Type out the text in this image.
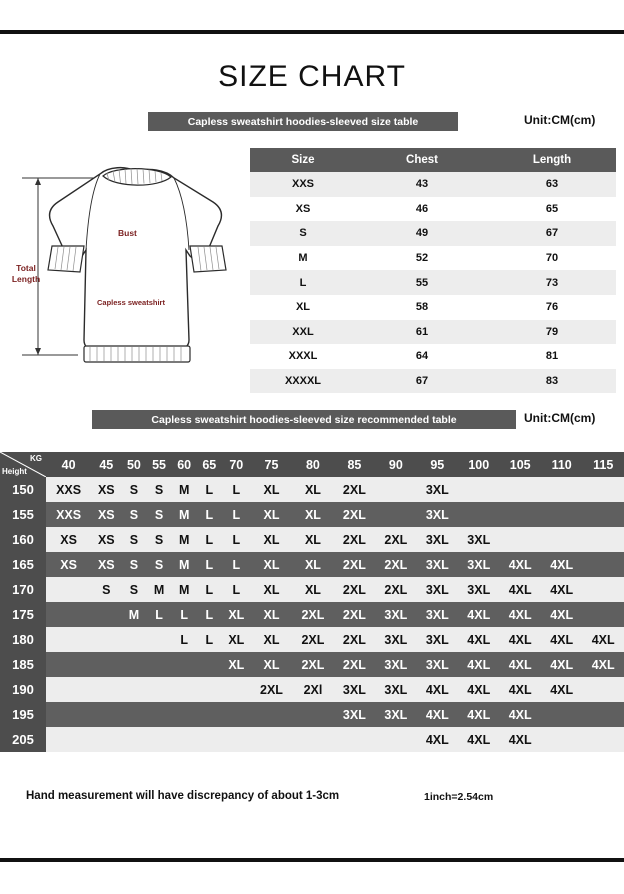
SIZE CHART
Capless sweatshirt hoodies-sleeved size table	Unit:CM(cm)
Bust
Total
Length
Capless sweatshirt
Size	Chest	Length
XXS	43	63
XS	46	65
S	49	67
M	52	70
L	55	73
XL	58	76
XXL	61	79
XXXL	64	81
XXXXL	67	83
Capless sweatshirt hoodies-sleeved size recommended table	Unit:CM(cm)
KG
Height	40	45	50	55	60	65	70	75	80	85	90	95	100	105	110	115
150	XXS	XS	S	S	M	L	L	XL	XL	2XL		3XL				
155	XXS	XS	S	S	M	L	L	XL	XL	2XL		3XL				
160	XS	XS	S	S	M	L	L	XL	XL	2XL	2XL	3XL	3XL			
165	XS	XS	S	S	M	L	L	XL	XL	2XL	2XL	3XL	3XL	4XL	4XL	
170		S	S	M	M	L	L	XL	XL	2XL	2XL	3XL	3XL	4XL	4XL	
175			M	L	L	L	XL	XL	2XL	2XL	3XL	3XL	4XL	4XL	4XL	
180					L	L	XL	XL	2XL	2XL	3XL	3XL	4XL	4XL	4XL	4XL
185							XL	XL	2XL	2XL	3XL	3XL	4XL	4XL	4XL	4XL
190								2XL	2Xl	3XL	3XL	4XL	4XL	4XL	4XL	
195										3XL	3XL	4XL	4XL	4XL		
205												4XL	4XL	4XL		
Hand measurement will have discrepancy of about 1-3cm	1inch=2.54cm
